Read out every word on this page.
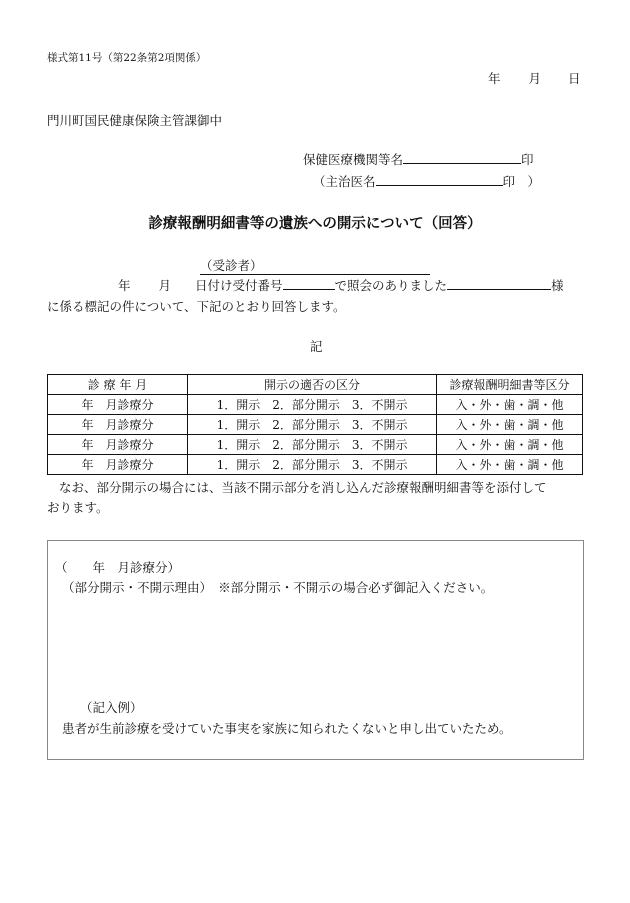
様式第11号（第22条第2項関係）
年 月 日
門川町国民健康保険主管課御中
保健医療機関等名	印
（主治医名	印　）
診療報酬明細書等の遺族への開示について（回答）
（受診者）
年 月 日付け受付番号	で照会のありました	様
に係る標記の件について、下記のとおり回答します。
記
診 療 年 月	開示の適否の区分	診療報酬明細書等区分
年　月診療分	1．開示　2．部分開示　3．不開示	入・外・歯・調・他
年　月診療分	1．開示　2．部分開示　3．不開示	入・外・歯・調・他
年　月診療分	1．開示　2．部分開示　3．不開示	入・外・歯・調・他
年　月診療分	1．開示　2．部分開示　3．不開示	入・外・歯・調・他
なお、部分開示の場合には、当該不開示部分を消し込んだ診療報酬明細書等を添付して
おります。
（　　年　月診療分）
（部分開示・不開示理由）　※部分開示・不開示の場合必ず御記入ください。
（記入例）
患者が生前診療を受けていた事実を家族に知られたくないと申し出ていたため。
